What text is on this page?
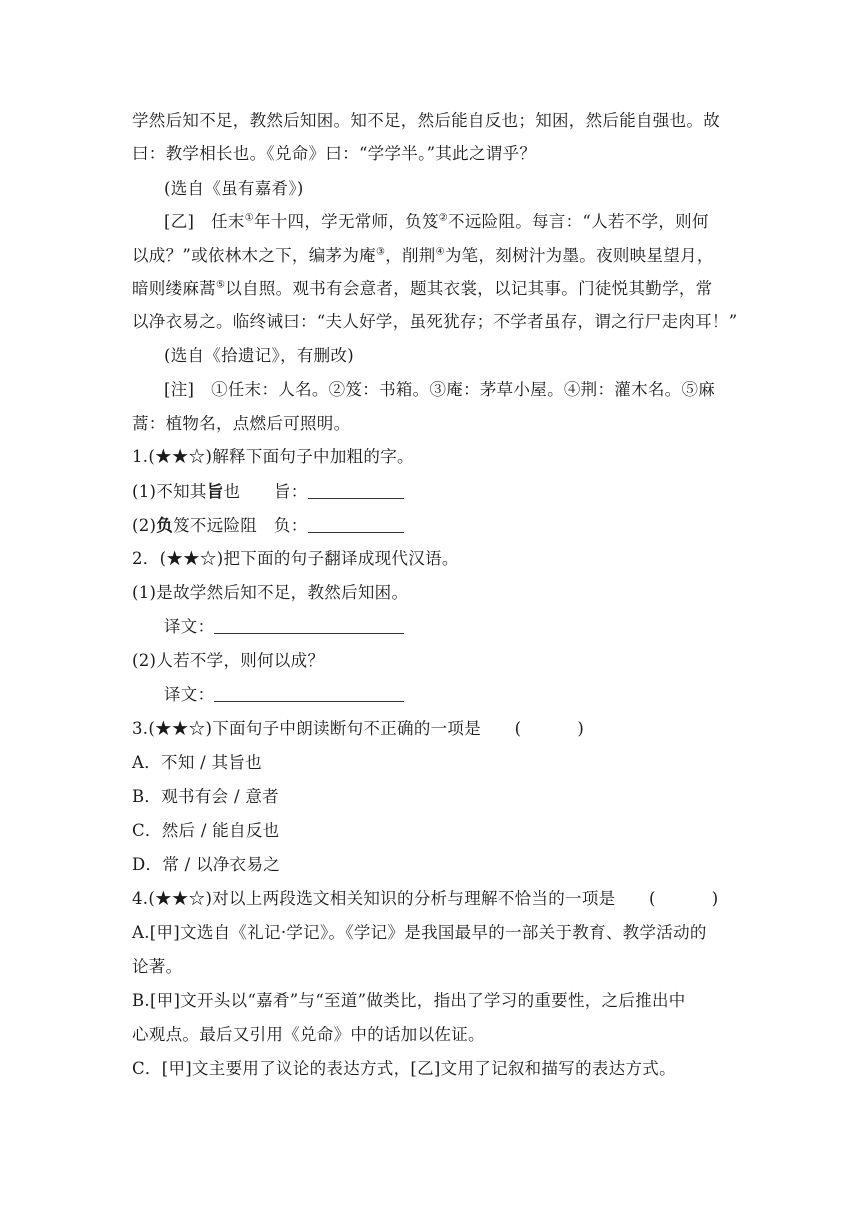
学然后知不足，教然后知困。知不足，然后能自反也；知困，然后能自强也。故
曰：教学相长也。《兑命》曰：“学学半。”其此之谓乎？
(选自《虽有嘉肴》)
[乙]　任末①年十四，学无常师，负笈②不远险阻。每言：“人若不学，则何
以成？”或依林木之下，编茅为庵③，削荆④为笔，刻树汁为墨。夜则映星望月，
暗则缕麻蒿⑤以自照。观书有会意者，题其衣裳，以记其事。门徒悦其勤学，常
以净衣易之。临终诫曰：“夫人好学，虽死犹存；不学者虽存，谓之行尸走肉耳！”
(选自《拾遗记》，有删改)
[注]　①任末：人名。②笈：书箱。③庵：茅草小屋。④荆：灌木名。⑤麻
蒿：植物名，点燃后可照明。
1.(★★☆)解释下面句子中加粗的字。
(1)不知其旨也　　旨：
(2)负笈不远险阻　负：
2．(★★☆)把下面的句子翻译成现代汉语。
(1)是故学然后知不足，教然后知困。
译文：
(2)人若不学，则何以成？
译文：
3.(★★☆)下面句子中朗读断句不正确的一项是　　 (	)
A．不知 / 其旨也
B．观书有会 / 意者
C．然后 / 能自反也
D．常 / 以净衣易之
4.(★★☆)对以上两段选文相关知识的分析与理解不恰当的一项是　　 (	)
A.[甲]文选自《礼记·学记》。《学记》是我国最早的一部关于教育、教学活动的
论著。
B.[甲]文开头以“嘉肴”与“至道”做类比，指出了学习的重要性，之后推出中
心观点。最后又引用《兑命》中的话加以佐证。
C．[甲]文主要用了议论的表达方式，[乙]文用了记叙和描写的表达方式。
